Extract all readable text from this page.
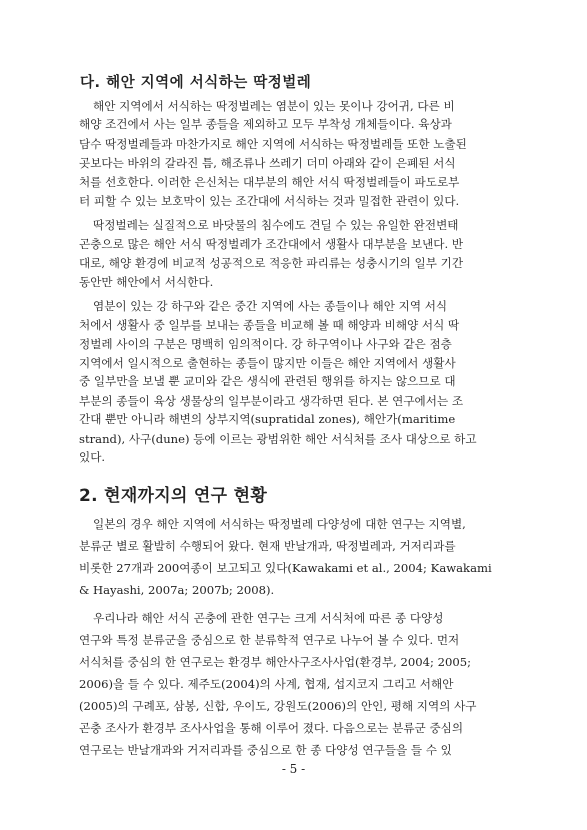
다. 해안 지역에 서식하는 딱정벌레
해안 지역에서 서식하는 딱정벌레는 염분이 있는 못이나 강어귀, 다른 비
해양 조건에서 사는 일부 종들을 제외하고 모두 부착성 개체들이다. 육상과
담수 딱정벌레들과 마찬가지로 해안 지역에 서식하는 딱정벌레들 또한 노출된
곳보다는 바위의 갈라진 틈, 해조류나 쓰레기 더미 아래와 같이 은폐된 서식
처를 선호한다. 이러한 은신처는 대부분의 해안 서식 딱정벌레들이 파도로부
터 피할 수 있는 보호막이 있는 조간대에 서식하는 것과 밀접한 관련이 있다.
딱정벌레는 실질적으로 바닷물의 침수에도 견딜 수 있는 유일한 완전변태
곤충으로 많은 해안 서식 딱정벌레가 조간대에서 생활사 대부분을 보낸다. 반
대로, 해양 환경에 비교적 성공적으로 적응한 파리류는 성충시기의 일부 기간
동안만 해안에서 서식한다.
염분이 있는 강 하구와 같은 중간 지역에 사는 종들이나 해안 지역 서식
처에서 생활사 중 일부를 보내는 종들을 비교해 볼 때 해양과 비해양 서식 딱
정벌레 사이의 구분은 명백히 임의적이다. 강 하구역이나 사구와 같은 점층
지역에서 일시적으로 출현하는 종들이 많지만 이들은 해안 지역에서 생활사
중 일부만을 보낼 뿐 교미와 같은 생식에 관련된 행위를 하지는 않으므로 대
부분의 종들이 육상 생물상의 일부분이라고 생각하면 된다. 본 연구에서는 조
간대 뿐만 아니라 해변의 상부지역(supratidal zones), 해안가(maritime
strand), 사구(dune) 등에 이르는 광범위한 해안 서식처를 조사 대상으로 하고
있다.
2. 현재까지의 연구 현황
일본의 경우 해안 지역에 서식하는 딱정벌레 다양성에 대한 연구는 지역별,
분류군 별로 활발히 수행되어 왔다. 현재 반날개과, 딱정벌레과, 거저리과를
비롯한 27개과 200여종이 보고되고 있다(Kawakami et al., 2004; Kawakami
& Hayashi, 2007a; 2007b; 2008).
우리나라 해안 서식 곤충에 관한 연구는 크게 서식처에 따른 종 다양성
연구와 특정 분류군을 중심으로 한 분류학적 연구로 나누어 볼 수 있다. 먼저
서식처를 중심의 한 연구로는 환경부 해안사구조사사업(환경부, 2004; 2005;
2006)을 들 수 있다. 제주도(2004)의 사계, 협재, 섭지코지 그리고 서해안
(2005)의 구례포, 삼봉, 신합, 우이도, 강원도(2006)의 안인, 평해 지역의 사구
곤충 조사가 환경부 조사사업을 통해 이루어 졌다. 다음으로는 분류군 중심의
연구로는 반날개과와 거저리과를 중심으로 한 종 다양성 연구들을 들 수 있
- 5 -
